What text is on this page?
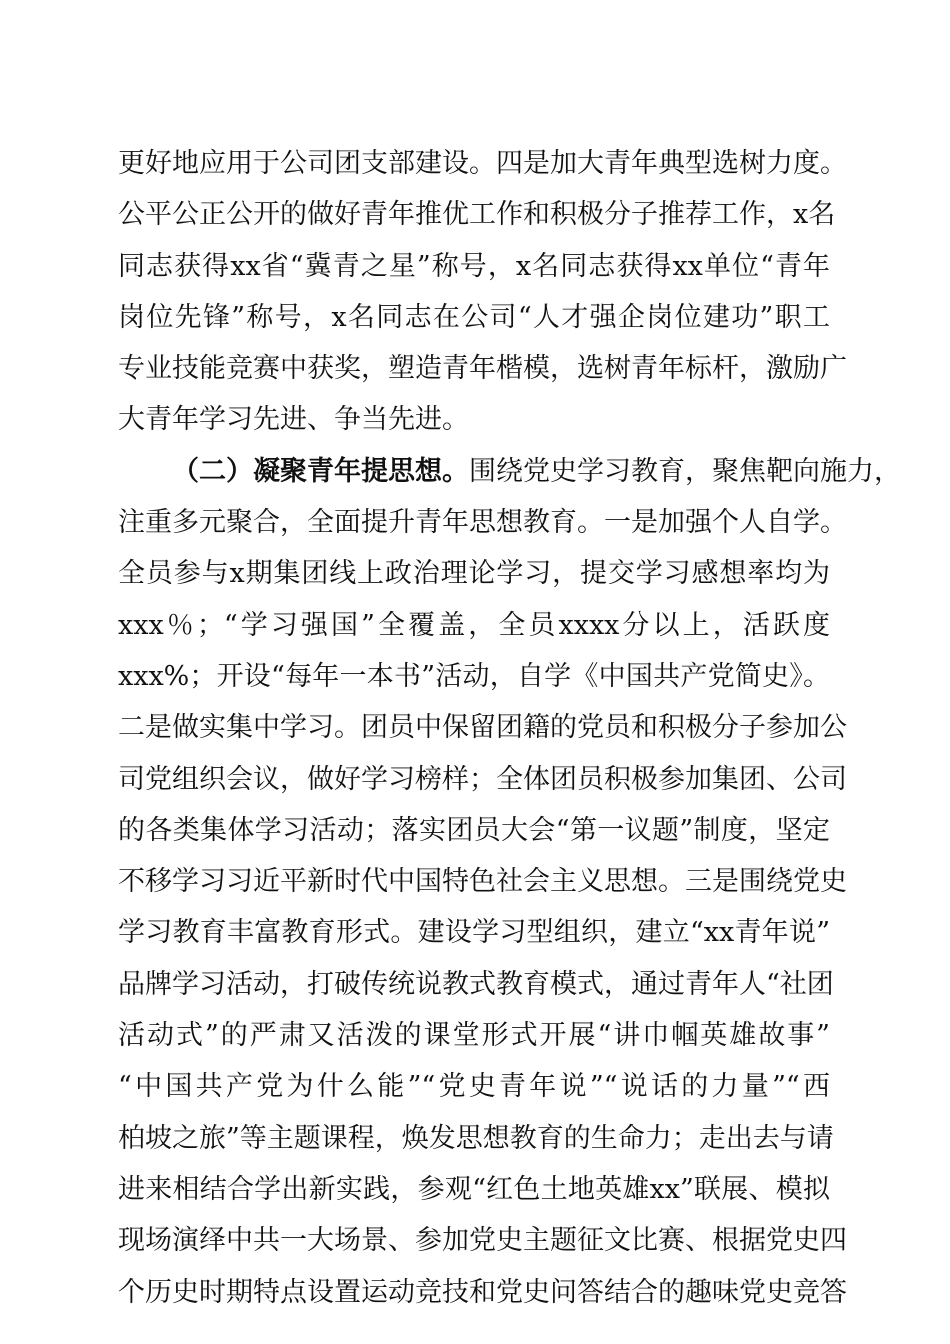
更好地应用于公司团支部建设。四是加大青年典型选树力度。
公平公正公开的做好青年推优工作和积极分子推荐工作，x名
同志获得xx省“冀青之星”称号，x名同志获得xx单位“青年
岗位先锋”称号，x名同志在公司“人才强企岗位建功”职工
专业技能竞赛中获奖，塑造青年楷模，选树青年标杆，激励广
大青年学习先进、争当先进。
（二）凝聚青年提思想。围绕党史学习教育，聚焦靶向施力，
注重多元聚合，全面提升青年思想教育。一是加强个人自学。
全员参与x期集团线上政治理论学习，提交学习感想率均为
xxx％；“学习强国”全覆盖，全员xxxx分以上，活跃度
xxx%；开设“每年一本书”活动，自学《中国共产党简史》。
二是做实集中学习。团员中保留团籍的党员和积极分子参加公
司党组织会议，做好学习榜样；全体团员积极参加集团、公司
的各类集体学习活动；落实团员大会“第一议题”制度，坚定
不移学习习近平新时代中国特色社会主义思想。三是围绕党史
学习教育丰富教育形式。建设学习型组织，建立“xx青年说”
品牌学习活动，打破传统说教式教育模式，通过青年人“社团
活动式”的严肃又活泼的课堂形式开展“讲巾帼英雄故事”
“中国共产党为什么能”“党史青年说”“说话的力量”“西
柏坡之旅”等主题课程，焕发思想教育的生命力；走出去与请
进来相结合学出新实践，参观“红色土地英雄xx”联展、模拟
现场演绎中共一大场景、参加党史主题征文比赛、根据党史四
个历史时期特点设置运动竞技和党史问答结合的趣味党史竞答
